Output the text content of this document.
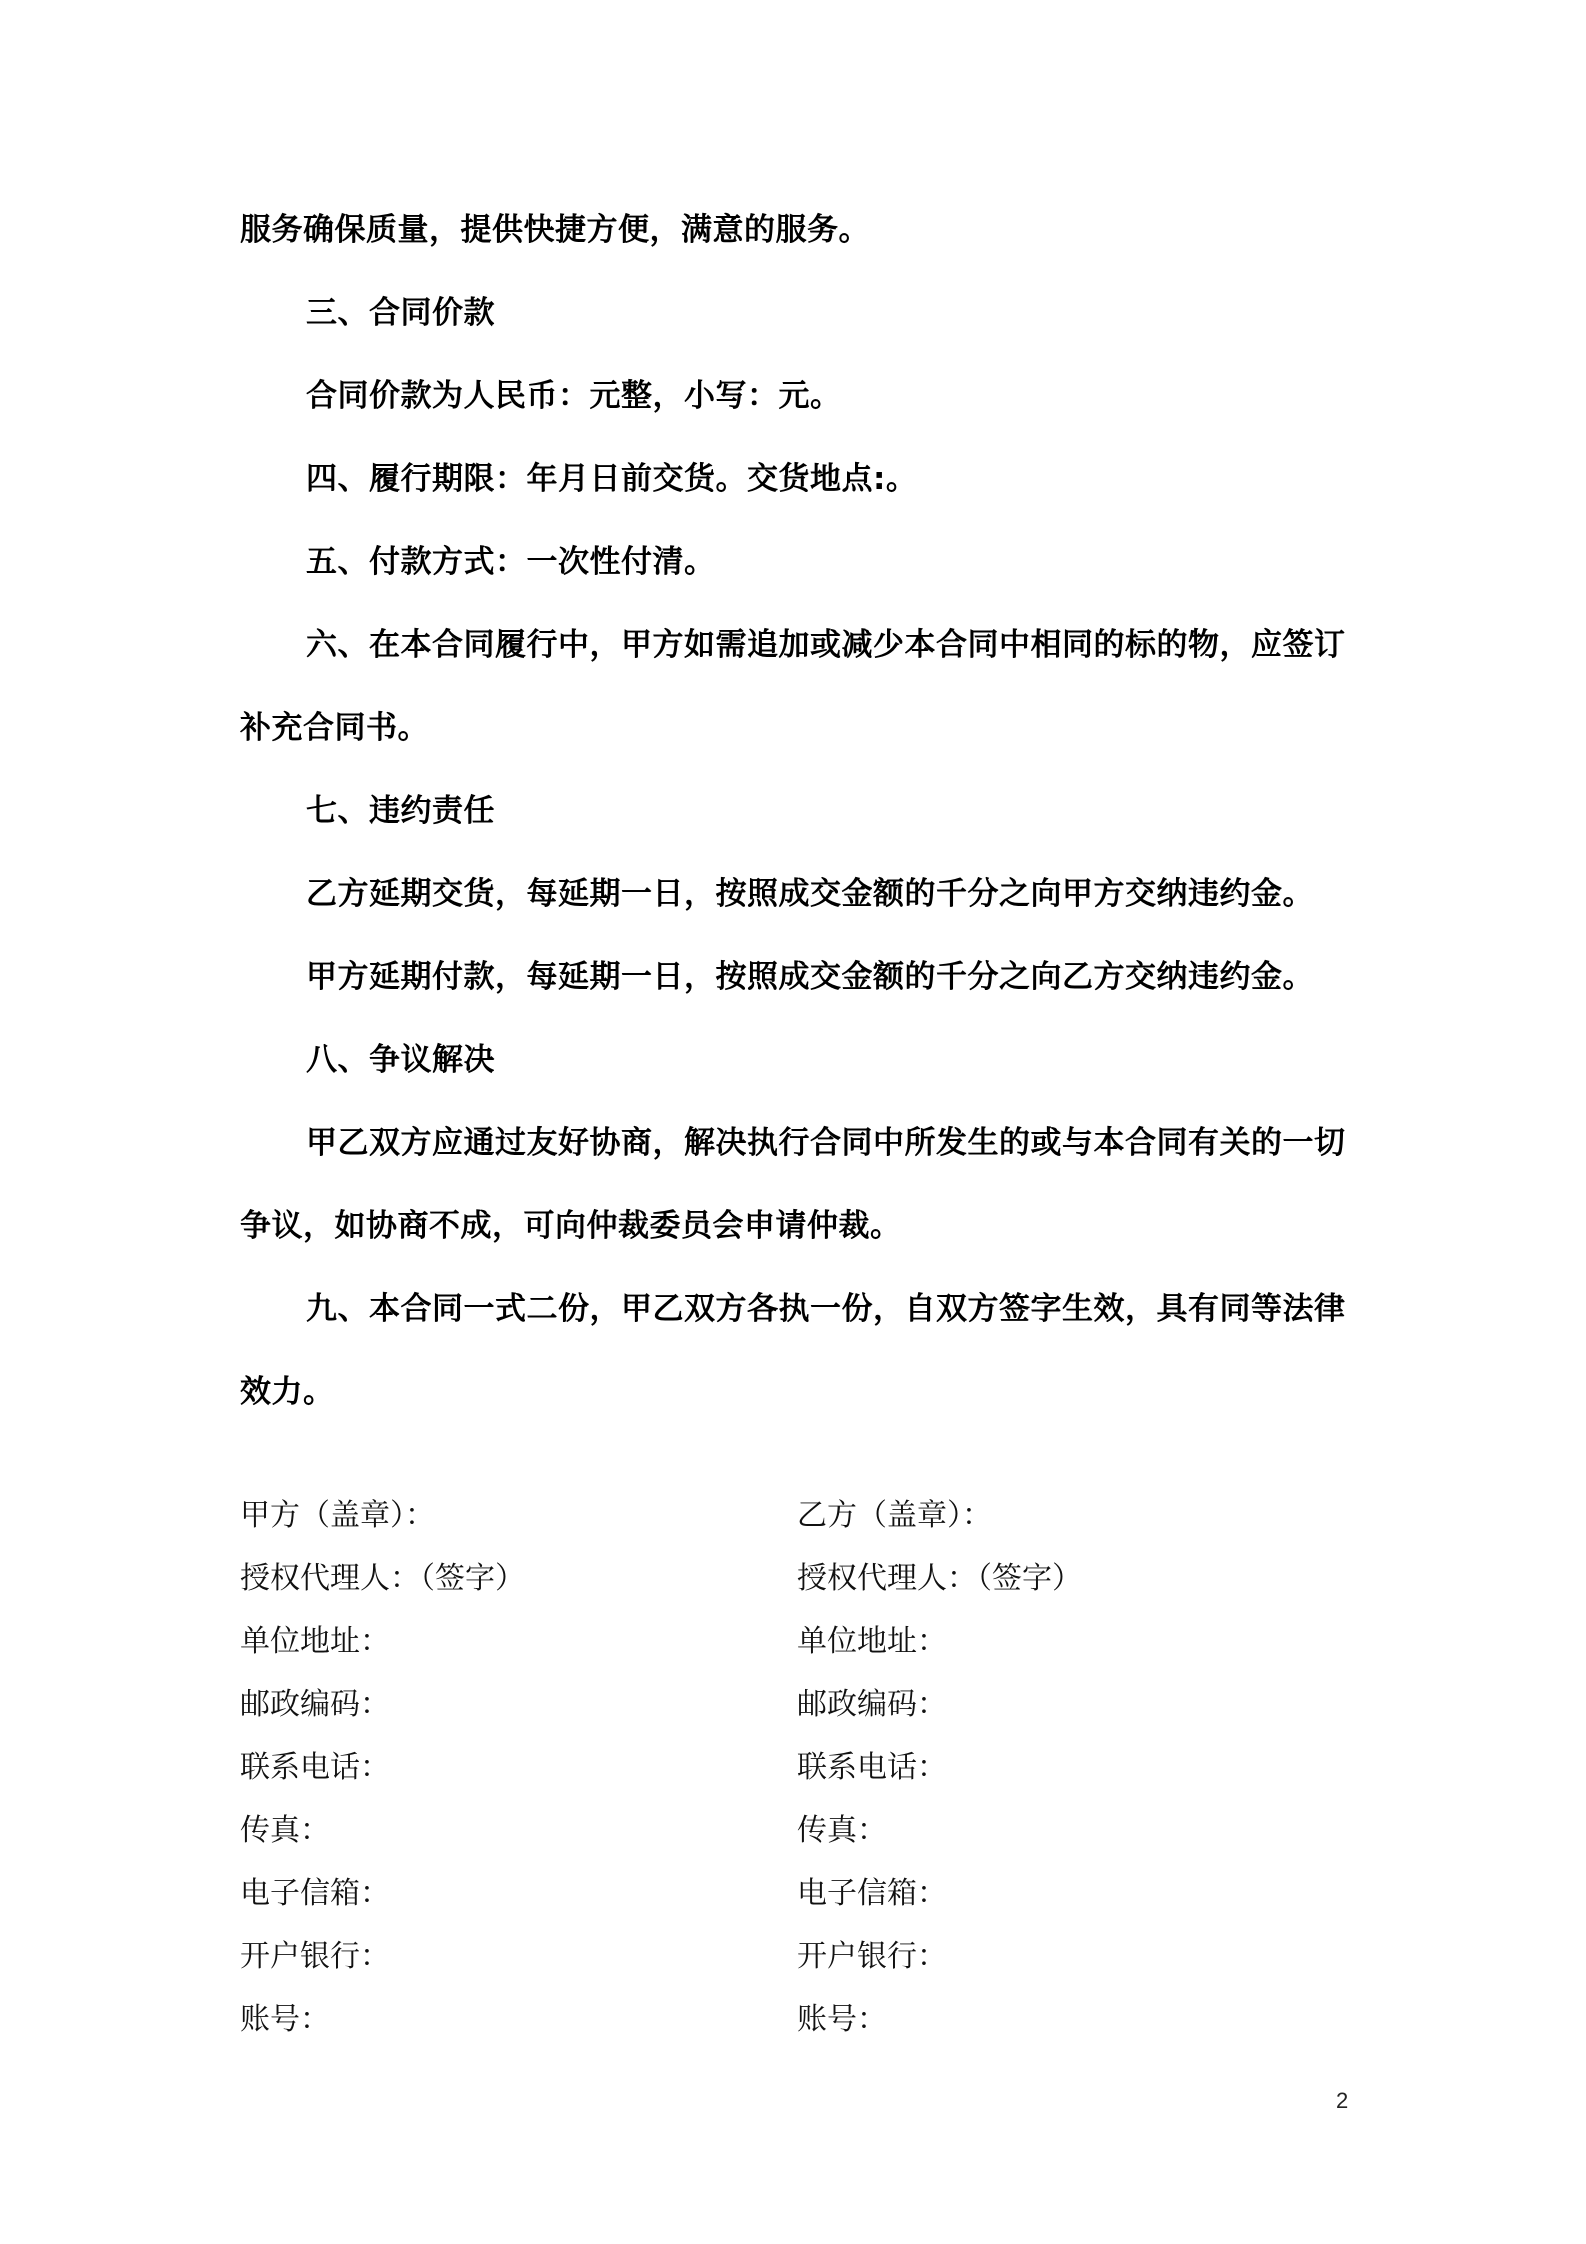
服务确保质量，提供快捷方便，满意的服务。
三、合同价款
合同价款为人民币：元整，小写：元。
四、履行期限：年月日前交货。交货地点:。
五、付款方式：一次性付清。
六、在本合同履行中，甲方如需追加或减少本合同中相同的标的物，应签订
补充合同书。
七、违约责任
乙方延期交货，每延期一日，按照成交金额的千分之向甲方交纳违约金。
甲方延期付款，每延期一日，按照成交金额的千分之向乙方交纳违约金。
八、争议解决
甲乙双方应通过友好协商，解决执行合同中所发生的或与本合同有关的一切
争议，如协商不成，可向仲裁委员会申请仲裁。
九、本合同一式二份，甲乙双方各执一份，自双方签字生效，具有同等法律
效力。
甲方（盖章）：
授权代理人：（签字）
单位地址：
邮政编码：
联系电话：
传真：
电子信箱：
开户银行：
账号：
乙方（盖章）：
授权代理人：（签字）
单位地址：
邮政编码：
联系电话：
传真：
电子信箱：
开户银行：
账号：
2
